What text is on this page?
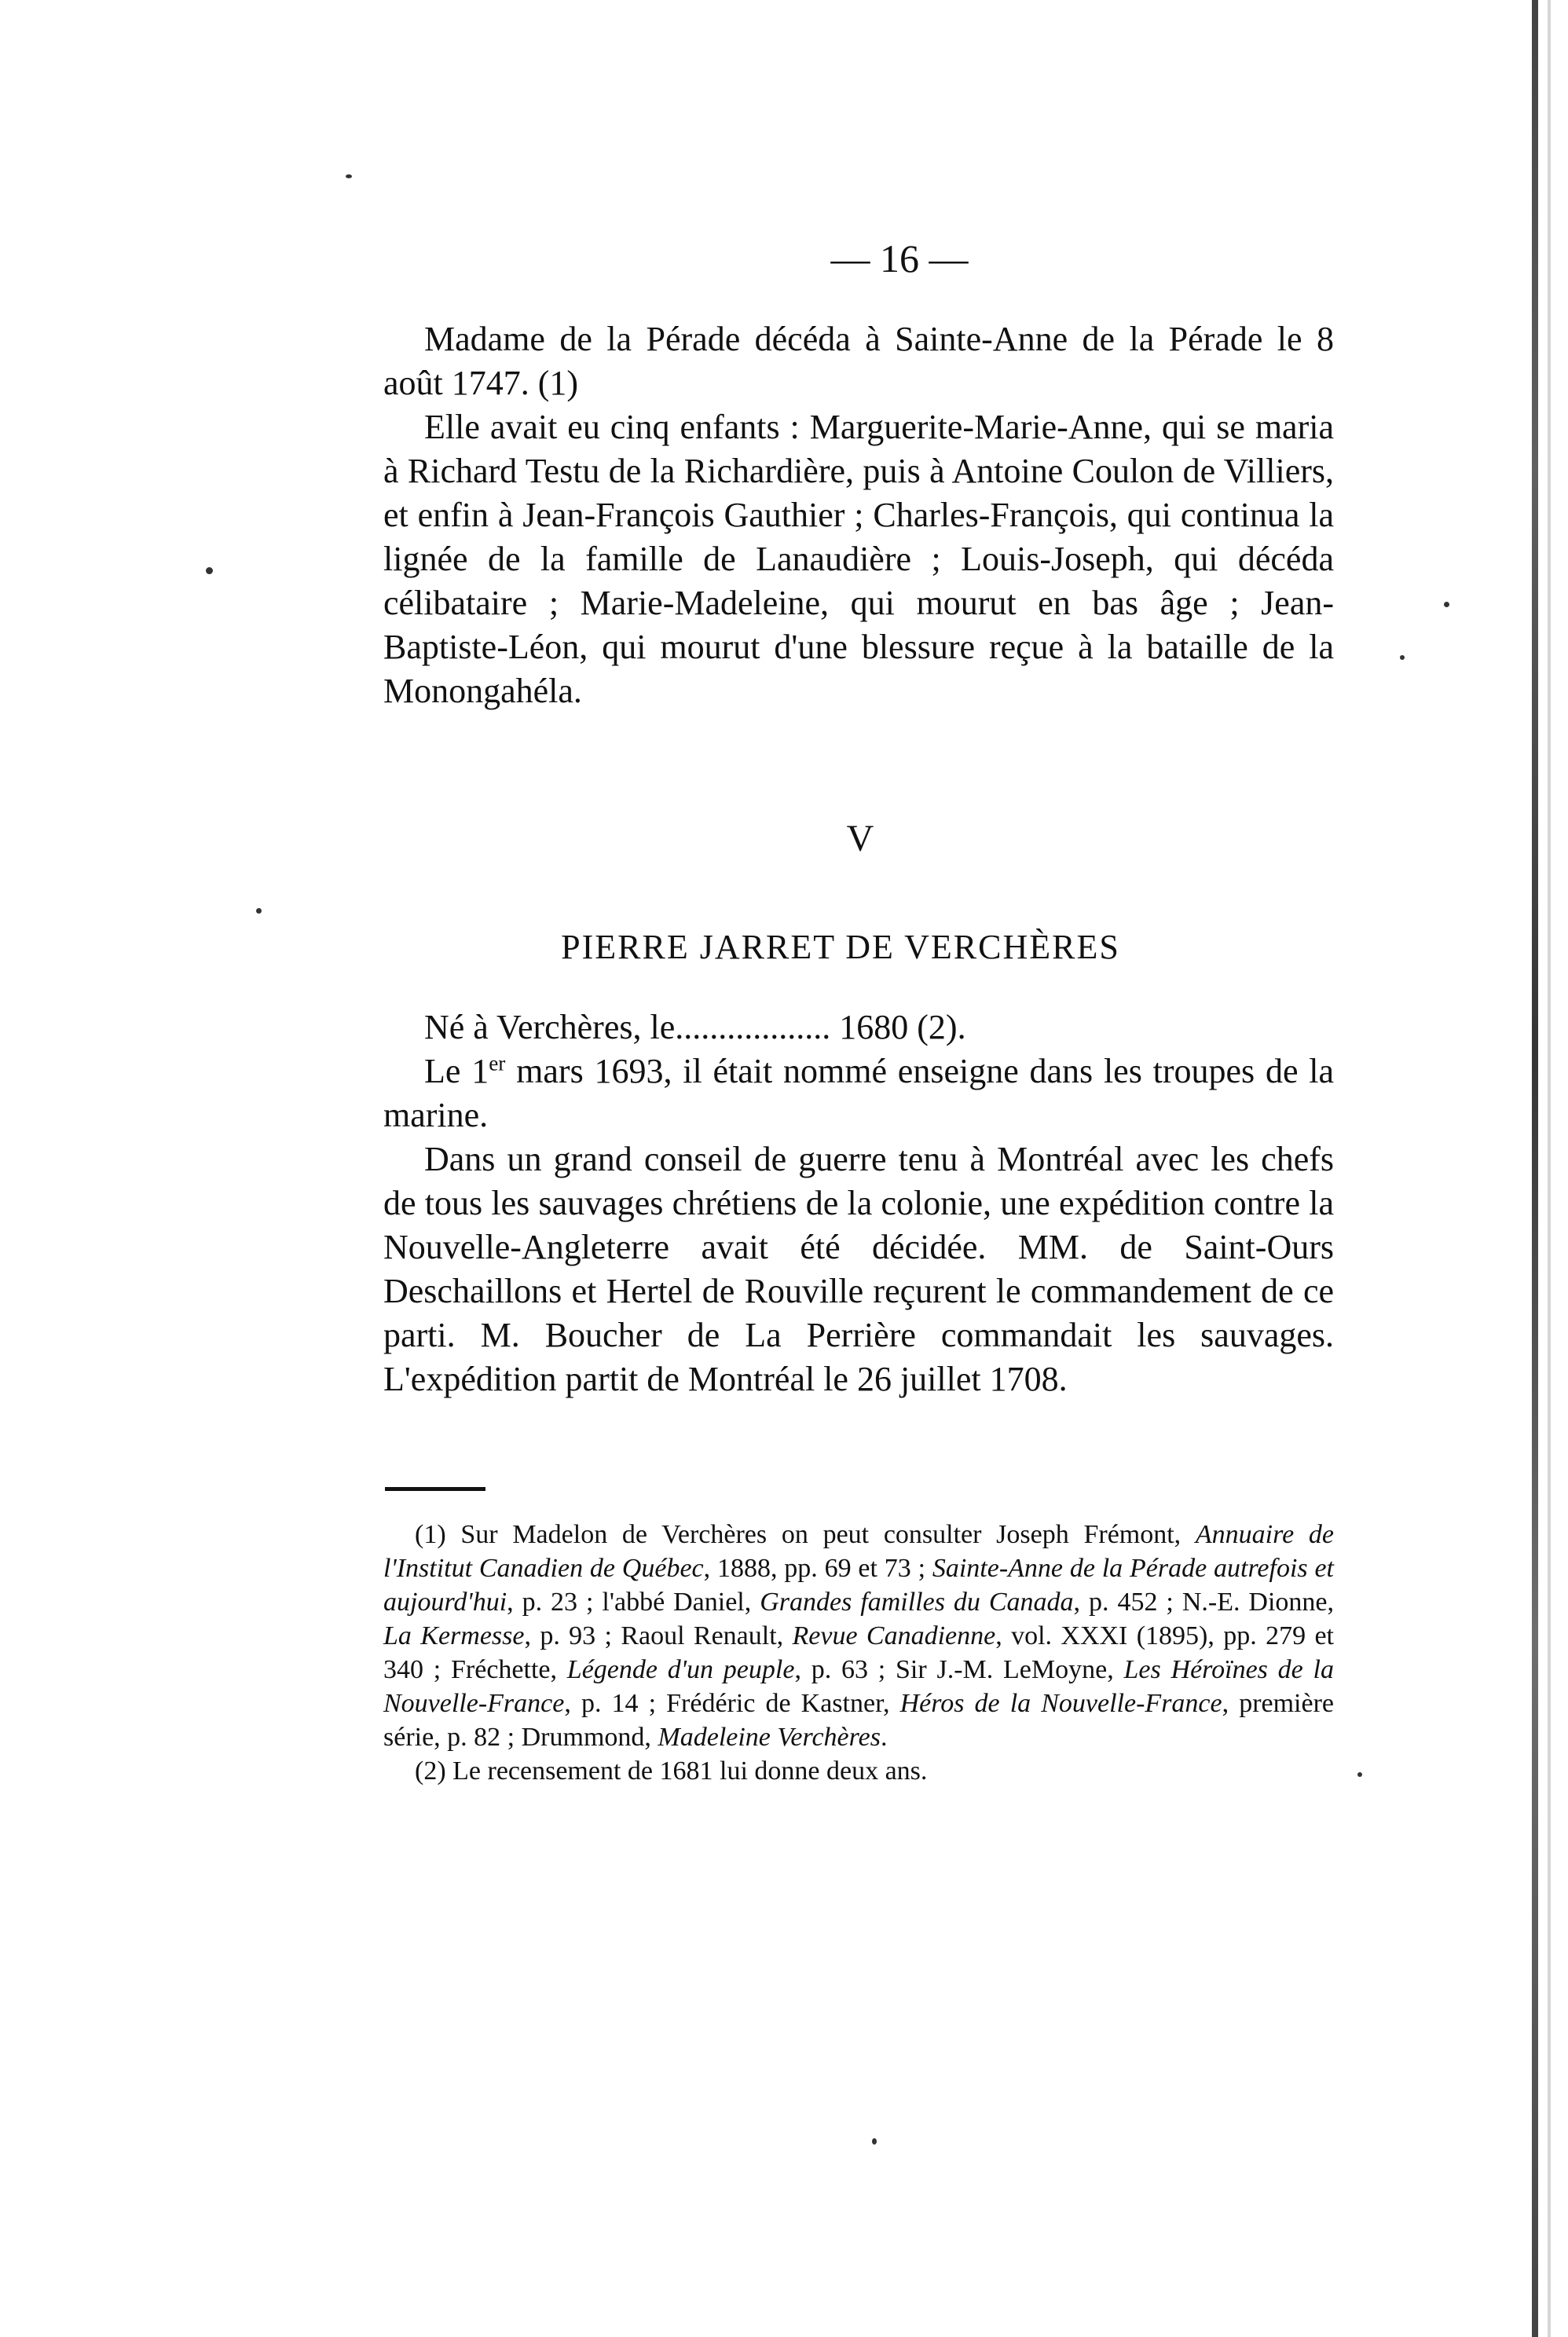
— 16 —

Madame de la Pérade décéda à Sainte-Anne de la Pérade le 8 août 1747. (1)

Elle avait eu cinq enfants : Marguerite-Marie-Anne, qui se maria à Richard Testu de la Richardière, puis à Antoine Coulon de Villiers, et enfin à Jean-François Gauthier ; Charles-François, qui continua la lignée de la famille de Lanaudière ; Louis-Joseph, qui décéda célibataire ; Marie-Madeleine, qui mourut en bas âge ; Jean-Baptiste-Léon, qui mourut d'une blessure reçue à la bataille de la Monongahéla.

V
PIERRE JARRET DE VERCHÈRES

Né à Verchères, le.................. 1680 (2).

Le 1er mars 1693, il était nommé enseigne dans les troupes de la marine.

Dans un grand conseil de guerre tenu à Montréal avec les chefs de tous les sauvages chrétiens de la colonie, une expédition contre la Nouvelle-Angleterre avait été décidée. MM. de Saint-Ours Deschaillons et Hertel de Rouville reçurent le commandement de ce parti. M. Boucher de La Perrière commandait les sauvages. L'expédition partit de Montréal le 26 juillet 1708.

(1) Sur Madelon de Verchères on peut consulter Joseph Frémont, Annuaire de l'Institut Canadien de Québec, 1888, pp. 69 et 73 ; Sainte-Anne de la Pérade autrefois et aujourd'hui, p. 23 ; l'abbé Daniel, Grandes familles du Canada, p. 452 ; N.-E. Dionne, La Kermesse, p. 93 ; Raoul Renault, Revue Canadienne, vol. XXXI (1895), pp. 279 et 340 ; Fréchette, Légende d'un peuple, p. 63 ; Sir J.-M. LeMoyne, Les Héroïnes de la Nouvelle-France, p. 14 ; Frédéric de Kastner, Héros de la Nouvelle-France, première série, p. 82 ; Drummond, Madeleine Verchères.

(2) Le recensement de 1681 lui donne deux ans.
